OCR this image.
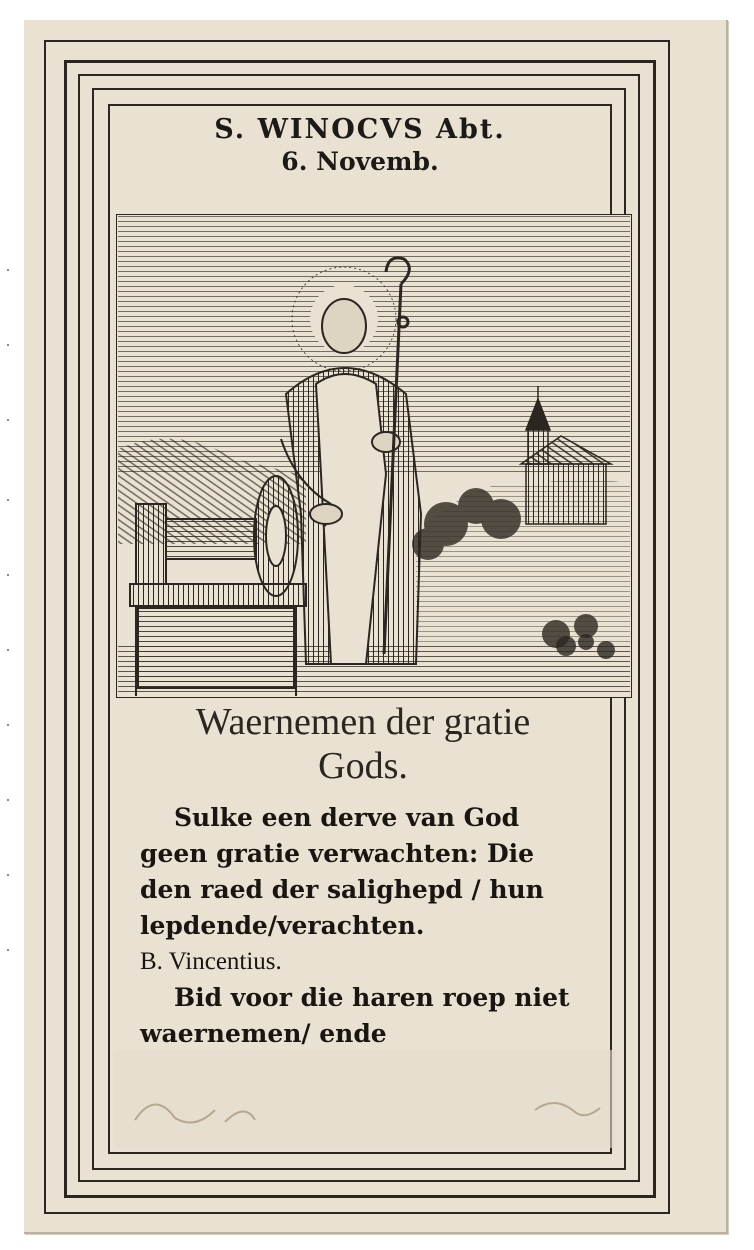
S. WINOCVS Abt.
6. Novemb.
Waernemen der gratie
Gods.
Sulke een derve van God
geen gratie verwachten: Die
den raed der salighepd / hun
lepdende/verachten.
B. Vincentius.
Bid voor die haren roep niet
waernemen/ ende
